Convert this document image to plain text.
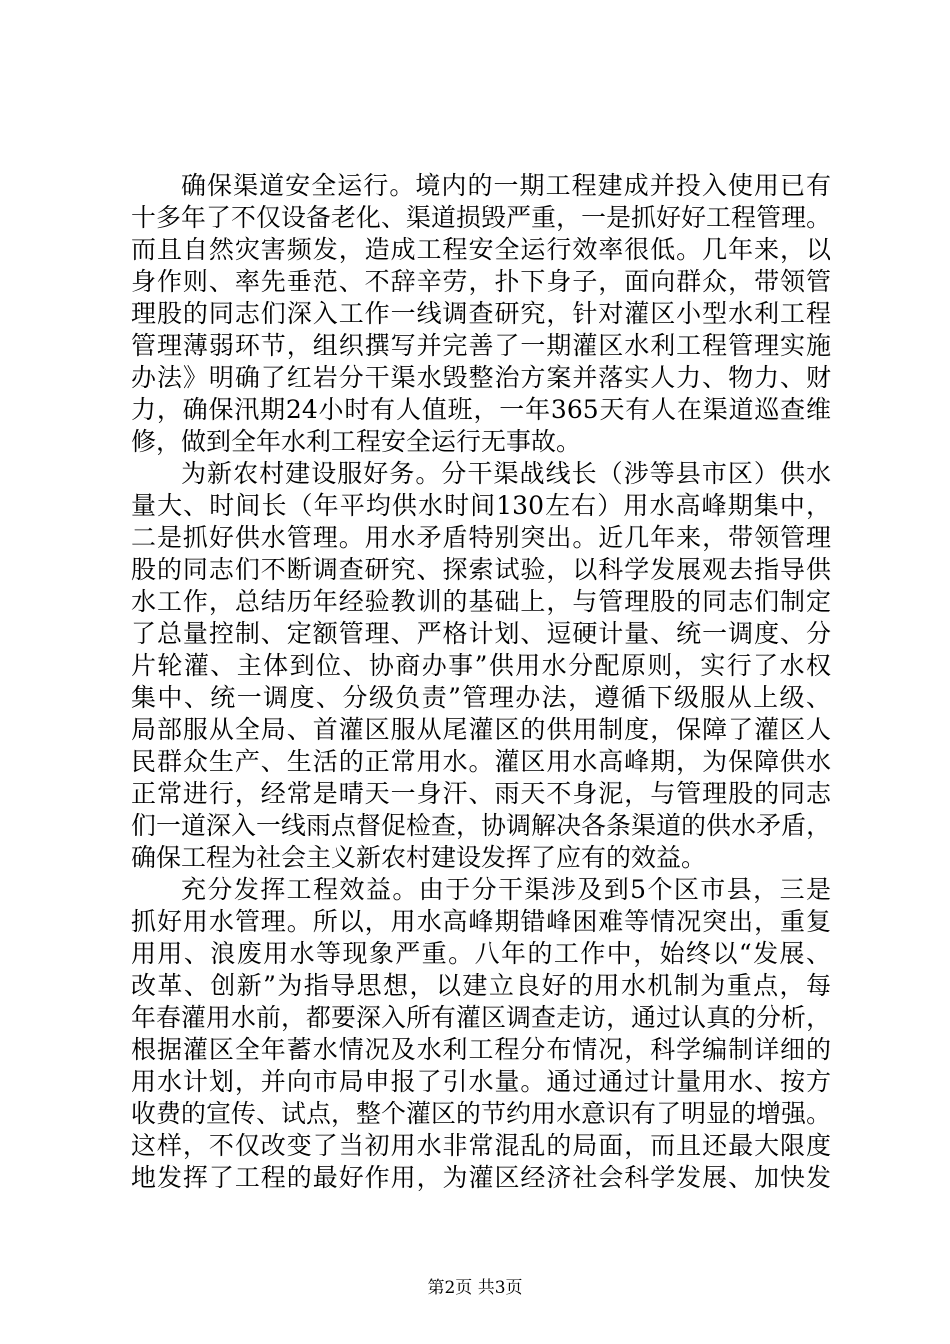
确保渠道安全运行。境内的一期工程建成并投入使用已有
十多年了不仅设备老化、渠道损毁严重，一是抓好好工程管理。
而且自然灾害频发，造成工程安全运行效率很低。几年来，以
身作则、率先垂范、不辞辛劳，扑下身子，面向群众，带领管
理股的同志们深入工作一线调查研究，针对灌区小型水利工程
管理薄弱环节，组织撰写并完善了一期灌区水利工程管理实施
办法》明确了红岩分干渠水毁整治方案并落实人力、物力、财
力，确保汛期24小时有人值班，一年365天有人在渠道巡查维
修，做到全年水利工程安全运行无事故。
为新农村建设服好务。分干渠战线长（涉等县市区）供水
量大、时间长（年平均供水时间130左右）用水高峰期集中，
二是抓好供水管理。用水矛盾特别突出。近几年来，带领管理
股的同志们不断调查研究、探索试验，以科学发展观去指导供
水工作，总结历年经验教训的基础上，与管理股的同志们制定
了总量控制、定额管理、严格计划、逗硬计量、统一调度、分
片轮灌、主体到位、协商办事”供用水分配原则，实行了水权
集中、统一调度、分级负责”管理办法，遵循下级服从上级、
局部服从全局、首灌区服从尾灌区的供用制度，保障了灌区人
民群众生产、生活的正常用水。灌区用水高峰期，为保障供水
正常进行，经常是晴天一身汗、雨天不身泥，与管理股的同志
们一道深入一线雨点督促检查，协调解决各条渠道的供水矛盾，
确保工程为社会主义新农村建设发挥了应有的效益。
充分发挥工程效益。由于分干渠涉及到5个区市县，三是
抓好用水管理。所以，用水高峰期错峰困难等情况突出，重复
用用、浪废用水等现象严重。八年的工作中，始终以“发展、
改革、创新”为指导思想，以建立良好的用水机制为重点，每
年春灌用水前，都要深入所有灌区调查走访，通过认真的分析，
根据灌区全年蓄水情况及水利工程分布情况，科学编制详细的
用水计划，并向市局申报了引水量。通过通过计量用水、按方
收费的宣传、试点，整个灌区的节约用水意识有了明显的增强。
这样，不仅改变了当初用水非常混乱的局面，而且还最大限度
地发挥了工程的最好作用，为灌区经济社会科学发展、加快发
第2页 共3页
